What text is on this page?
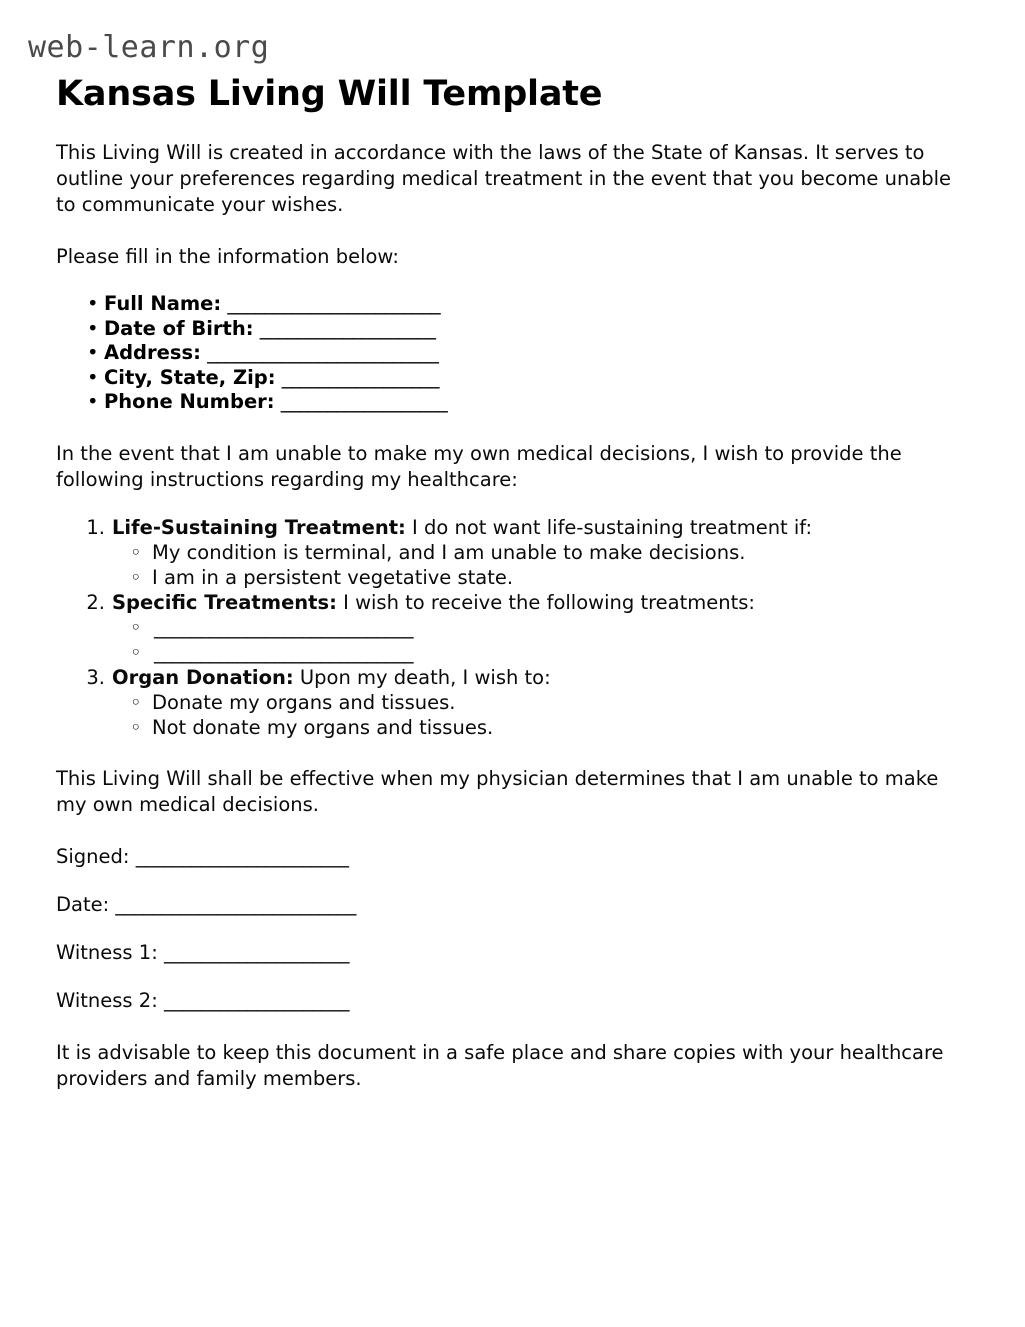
web-learn.org
Kansas Living Will Template

This Living Will is created in accordance with the laws of the State of Kansas. It serves to outline your preferences regarding medical treatment in the event that you become unable to communicate your wishes.

Please fill in the information below:

• Full Name: _______________________
• Date of Birth: ___________________
• Address: _________________________
• City, State, Zip: _________________
• Phone Number: __________________

In the event that I am unable to make my own medical decisions, I wish to provide the following instructions regarding my healthcare:

Life-Sustaining Treatment: I do not want life-sustaining treatment if:
◦ My condition is terminal, and I am unable to make decisions.
◦ I am in a persistent vegetative state.
Specific Treatments: I wish to receive the following treatments:
◦ ____________________________
◦ ____________________________
Organ Donation: Upon my death, I wish to:
◦ Donate my organs and tissues.
◦ Not donate my organs and tissues.

This Living Will shall be effective when my physician determines that I am unable to make my own medical decisions.

Signed: _______________________
Date: __________________________
Witness 1: ____________________
Witness 2: ____________________

It is advisable to keep this document in a safe place and share copies with your healthcare providers and family members.
